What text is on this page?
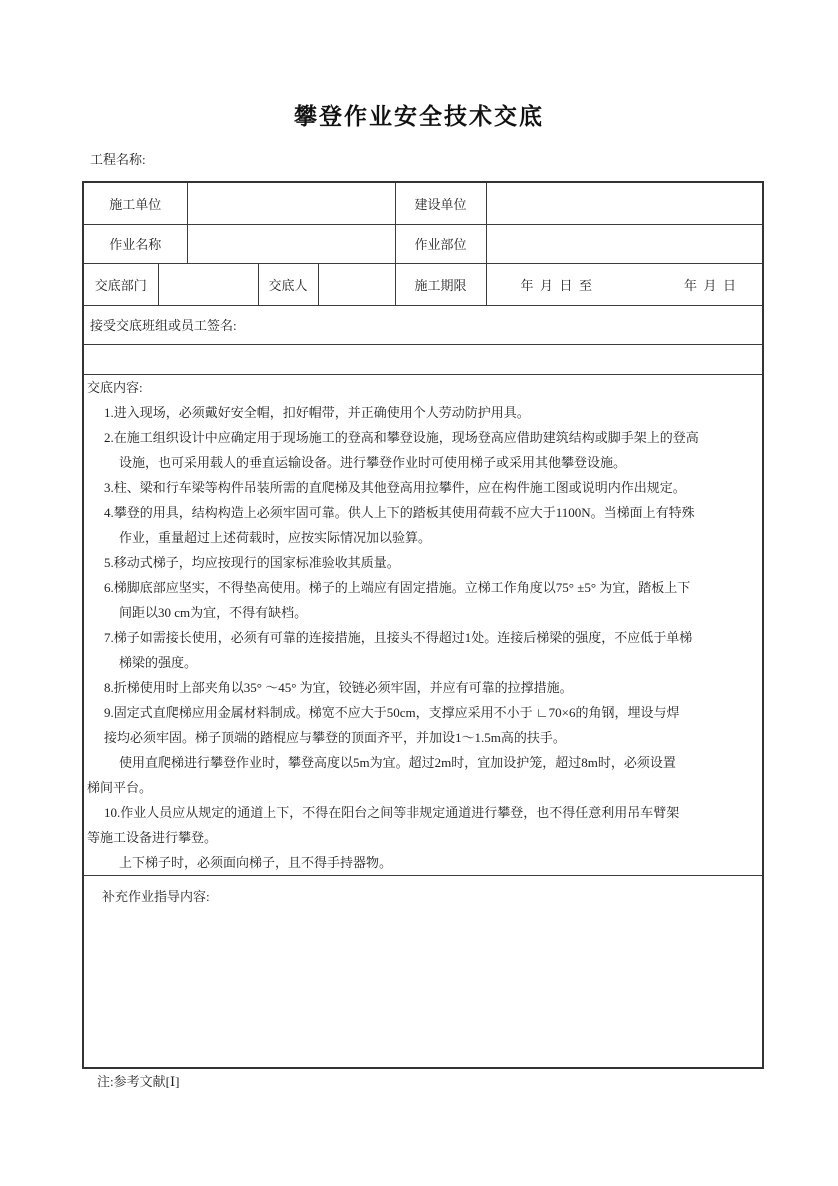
攀登作业安全技术交底
工程名称:
施工单位					建设单位	
作业名称					作业部位	
交底部门			交底人		施工期限	年  月  日  至 年  月  日

接受交底班组或员工签名:						

交底内容:
1.进入现场，必须戴好安全帽，扣好帽带，并正确使用个人劳动防护用具。
2.在施工组织设计中应确定用于现场施工的登高和攀登设施，现场登高应借助建筑结构或脚手架上的登高
设施，也可采用载人的垂直运输设备。进行攀登作业时可使用梯子或采用其他攀登设施。
3.柱、梁和行车梁等构件吊装所需的直爬梯及其他登高用拉攀件，应在构件施工图或说明内作出规定。
4.攀登的用具，结构构造上必须牢固可靠。供人上下的踏板其使用荷载不应大于1100N。当梯面上有特殊
作业，重量超过上述荷载时，应按实际情况加以验算。
5.移动式梯子，均应按现行的国家标准验收其质量。
6.梯脚底部应坚实，不得垫高使用。梯子的上端应有固定措施。立梯工作角度以75° ±5° 为宜，踏板上下
间距以30 cm为宜，不得有缺档。
7.梯子如需接长使用，必须有可靠的连接措施，且接头不得超过1处。连接后梯梁的强度，不应低于单梯
梯梁的强度。
8.折梯使用时上部夹角以35° ～45° 为宜，铰链必须牢固，并应有可靠的拉撑措施。
9.固定式直爬梯应用金属材料制成。梯宽不应大于50cm，支撑应采用不小于 ∟70×6的角钢，埋设与焊
接均必须牢固。梯子顶端的踏棍应与攀登的顶面齐平，并加设1～1.5m高的扶手。
使用直爬梯进行攀登作业时，攀登高度以5m为宜。超过2m时，宜加设护笼，超过8m时，必须设置
梯间平台。
10.作业人员应从规定的通道上下，不得在阳台之间等非规定通道进行攀登，也不得任意利用吊车臂架
等施工设备进行攀登。
上下梯子时，必须面向梯子，且不得手持器物。

补充作业指导内容:						
注:参考文献[Ⅰ]
